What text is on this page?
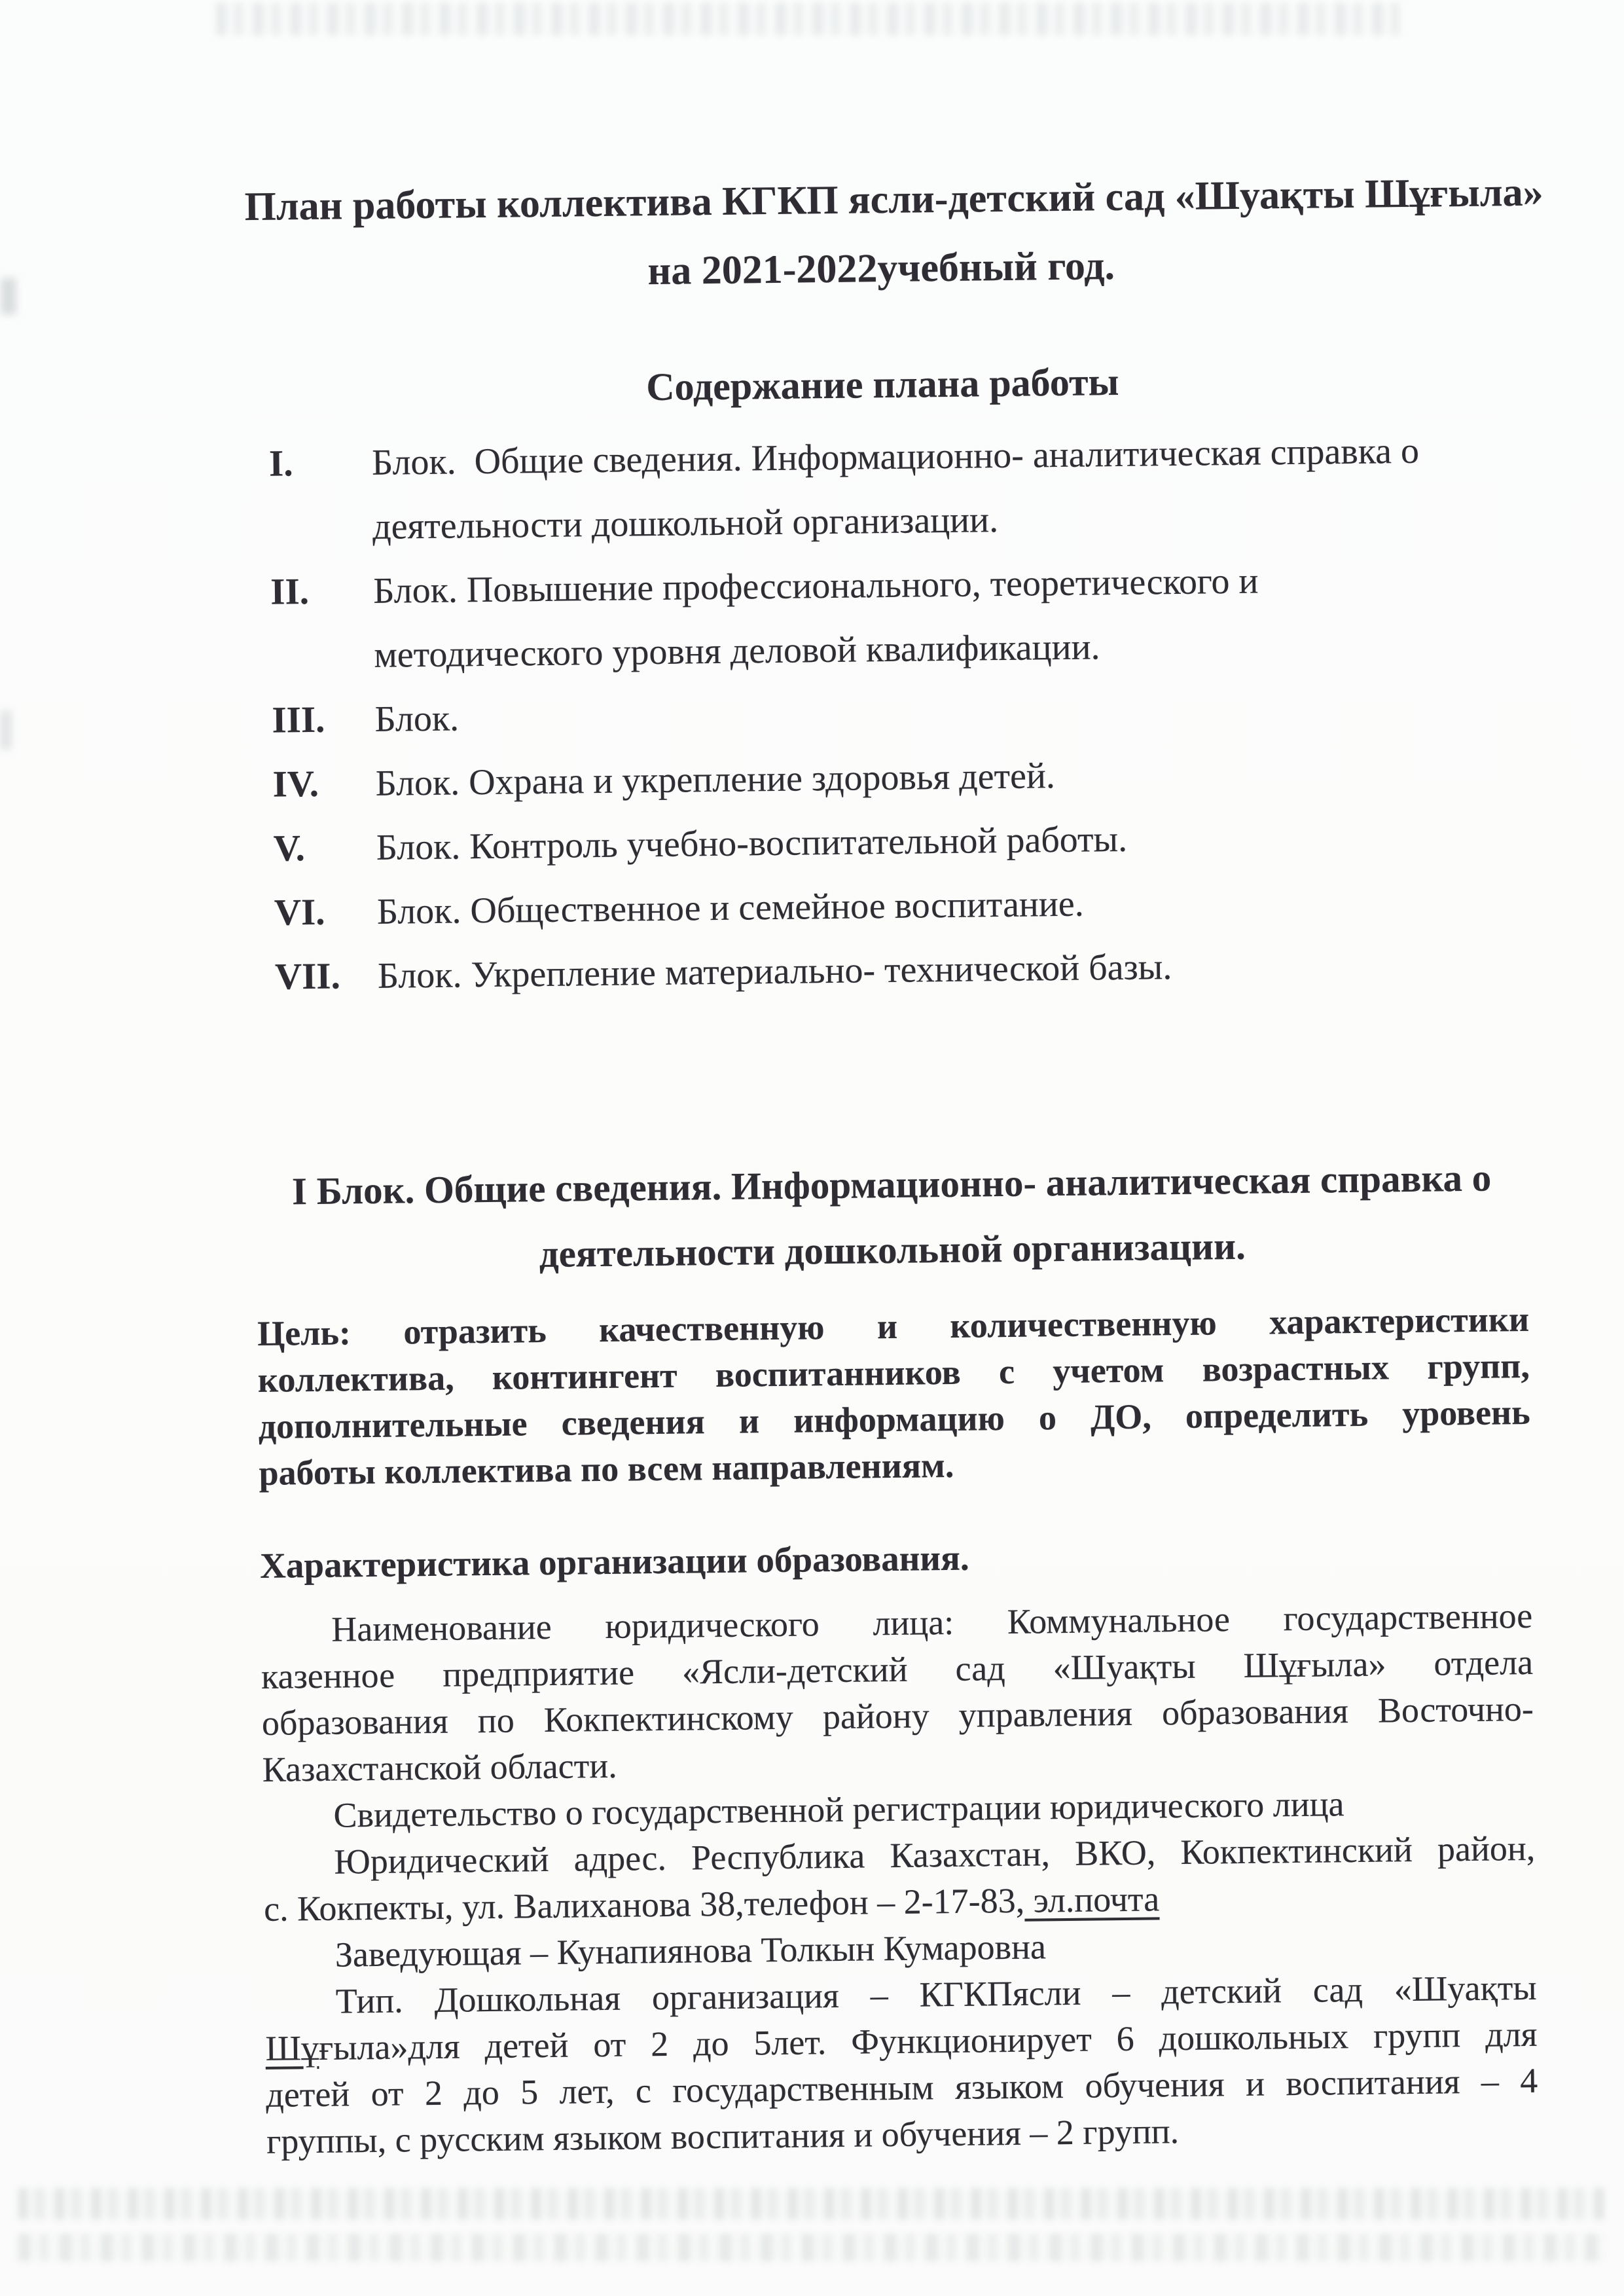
План работы коллектива КГКП ясли-детский сад «Шуақты Шұғыла»
на 2021-2022учебный год.
Содержание плана работы
I.	Блок.  Общие сведения. Информационно- аналитическая справка о
деятельности дошкольной организации.
II.	Блок. Повышение профессионального, теоретического и
методического уровня деловой квалификации.
III.	Блок.
IV.	Блок. Охрана и укрепление здоровья детей.
V.	Блок. Контроль учебно-воспитательной работы.
VI.	Блок. Общественное и семейное воспитание.
VII.	Блок. Укрепление материально- технической базы.
I Блок. Общие сведения. Информационно- аналитическая справка о
деятельности дошкольной организации.
Цель: отразить качественную и количественную характеристики
коллектива, контингент воспитанников с учетом возрастных групп,
дополнительные сведения и информацию о ДО, определить уровень
работы коллектива по всем направлениям.
Характеристика организации образования.
Наименование юридического лица: Коммунальное государственное
казенное предприятие «Ясли-детский сад «Шуақты Шұғыла» отдела
образования по Кокпектинскому району управления образования Восточно-
Казахстанской области.
Свидетельство о государственной регистрации юридического лица
Юридический адрес. Республика Казахстан, ВКО, Кокпектинский район,
с. Кокпекты, ул. Валиханова 38,телефон – 2-17-83, эл.почта
Заведующая – Кунапиянова Толкын Кумаровна
Тип. Дошкольная организация – КГКПясли – детский сад «Шуақты
Шұғыла»для детей от 2 до 5лет. Функционирует 6 дошкольных групп для
детей от 2 до 5 лет, с государственным языком обучения и воспитания – 4
группы, с русским языком воспитания и обучения – 2 групп.
